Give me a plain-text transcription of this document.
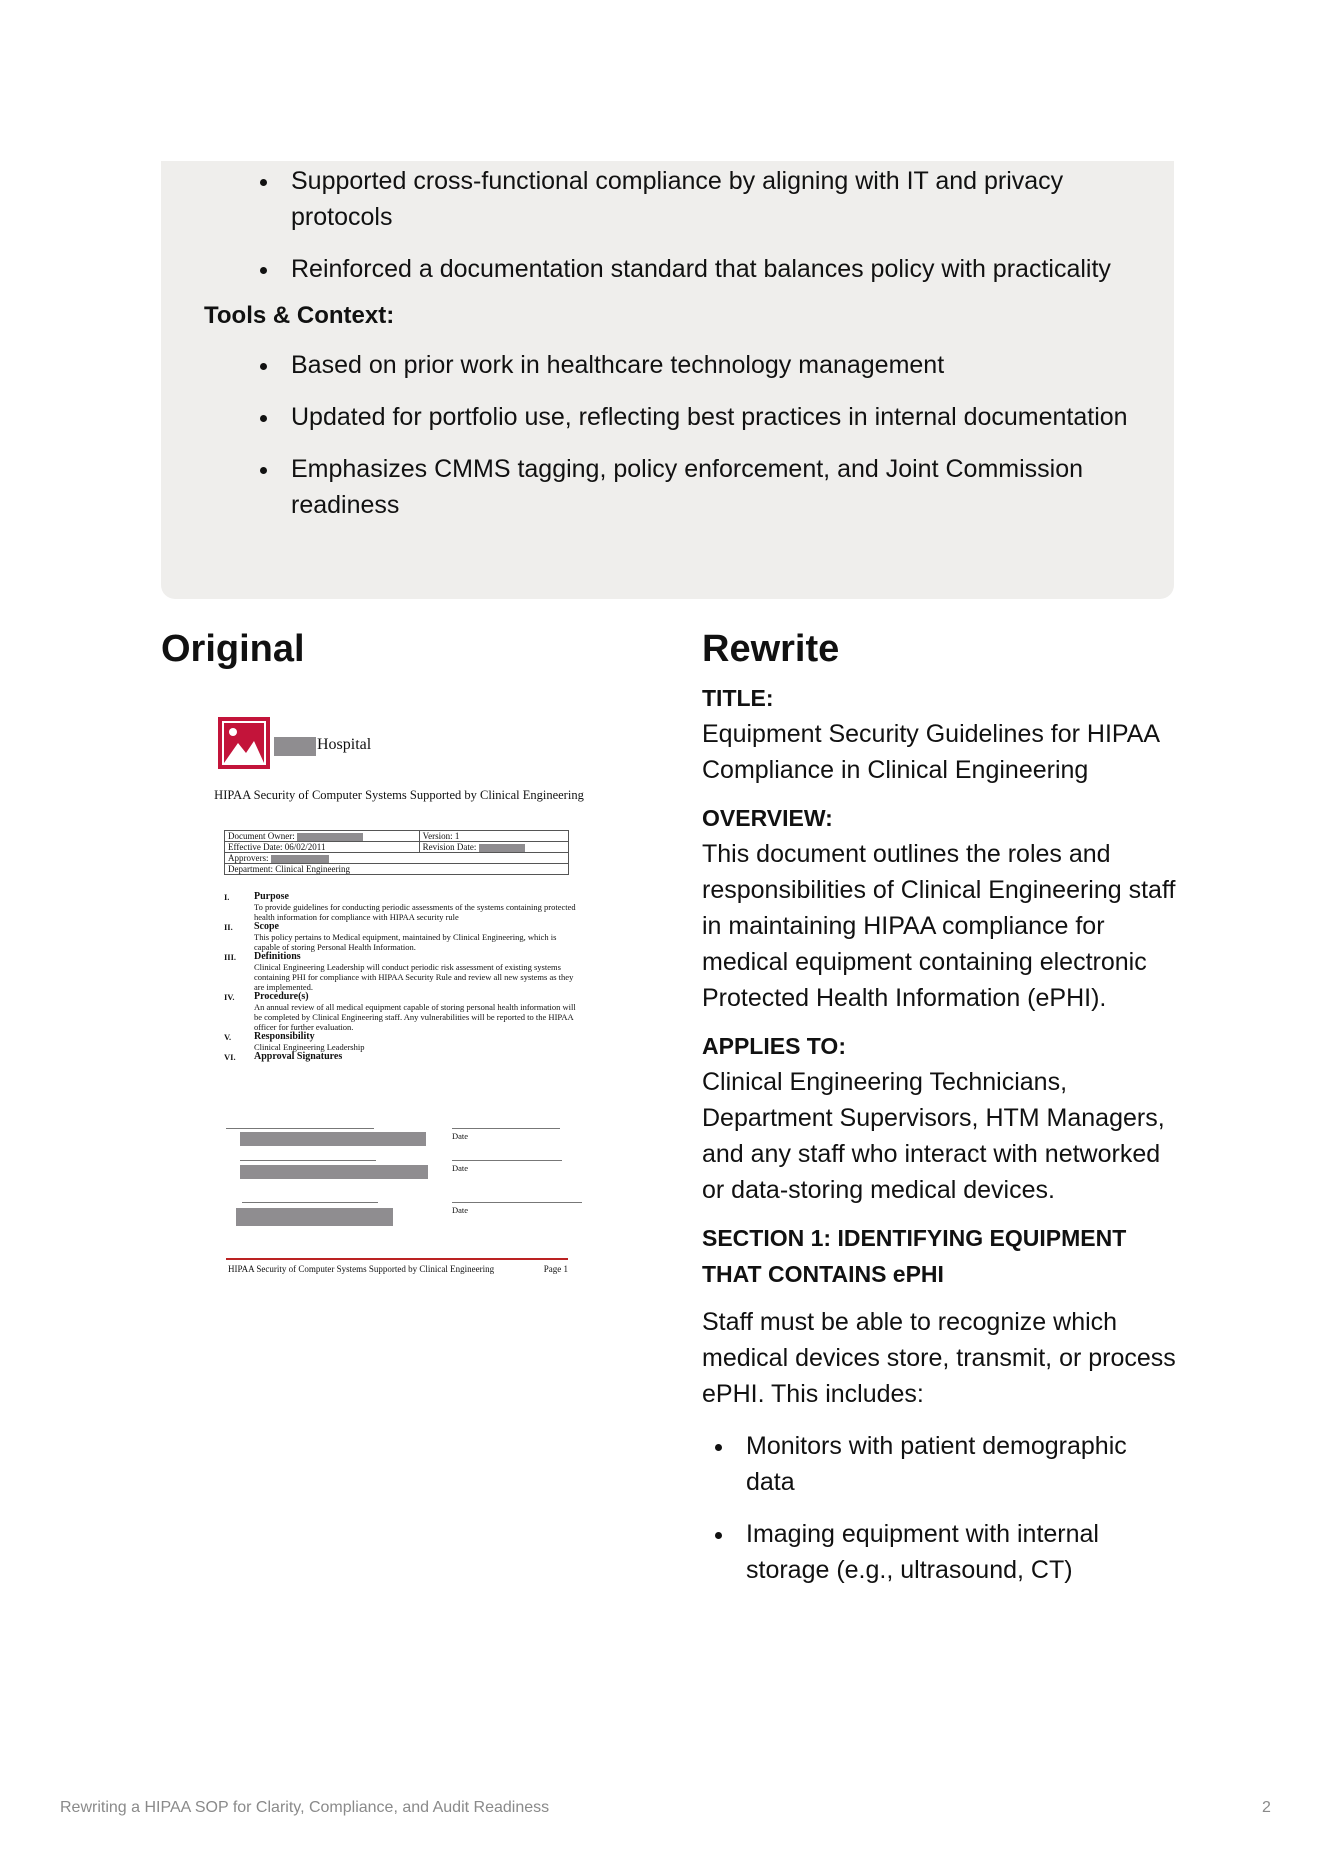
Supported cross-functional compliance by aligning with IT and privacy protocols
Reinforced a documentation standard that balances policy with practicality
Tools & Context:
Based on prior work in healthcare technology management
Updated for portfolio use, reflecting best practices in internal documentation
Emphasizes CMMS tagging, policy enforcement, and Joint Commission readiness
Original
Hospital
HIPAA Security of Computer Systems Supported by Clinical Engineering
Document Owner:	Version: 1
Effective Date: 06/02/2011	Revision Date:
Approvers:	
Department: Clinical Engineering	
I.	Purpose
To provide guidelines for conducting periodic assessments of the systems containing protected health information for compliance with HIPAA security rule
II.	Scope
This policy pertains to Medical equipment, maintained by Clinical Engineering, which is capable of storing Personal Health Information.
III.	Definitions
Clinical Engineering Leadership will conduct periodic risk assessment of existing systems containing PHI for compliance with HIPAA Security Rule and review all new systems as they are implemented.
IV.	Procedure(s)
An annual review of all medical equipment capable of storing personal health information will be completed by Clinical Engineering staff. Any vulnerabilities will be reported to the HIPAA officer for further evaluation.
V.	Responsibility
Clinical Engineering Leadership
VI.	Approval Signatures
Date
Date
Date
HIPAA Security of Computer Systems Supported by Clinical Engineering	Page 1
Rewrite

TITLE:

Equipment Security Guidelines for HIPAA Compliance in Clinical Engineering

OVERVIEW:

This document outlines the roles and responsibilities of Clinical Engineering staff in maintaining HIPAA compliance for medical equipment containing electronic Protected Health Information (ePHI).

APPLIES TO:

Clinical Engineering Technicians, Department Supervisors, HTM Managers, and any staff who interact with networked or data-storing medical devices.

SECTION 1: IDENTIFYING EQUIPMENT THAT CONTAINS ePHI

Staff must be able to recognize which medical devices store, transmit, or process ePHI. This includes:

Monitors with patient demographic data
Imaging equipment with internal storage (e.g., ultrasound, CT)
Rewriting a HIPAA SOP for Clarity, Compliance, and Audit Readiness	2
